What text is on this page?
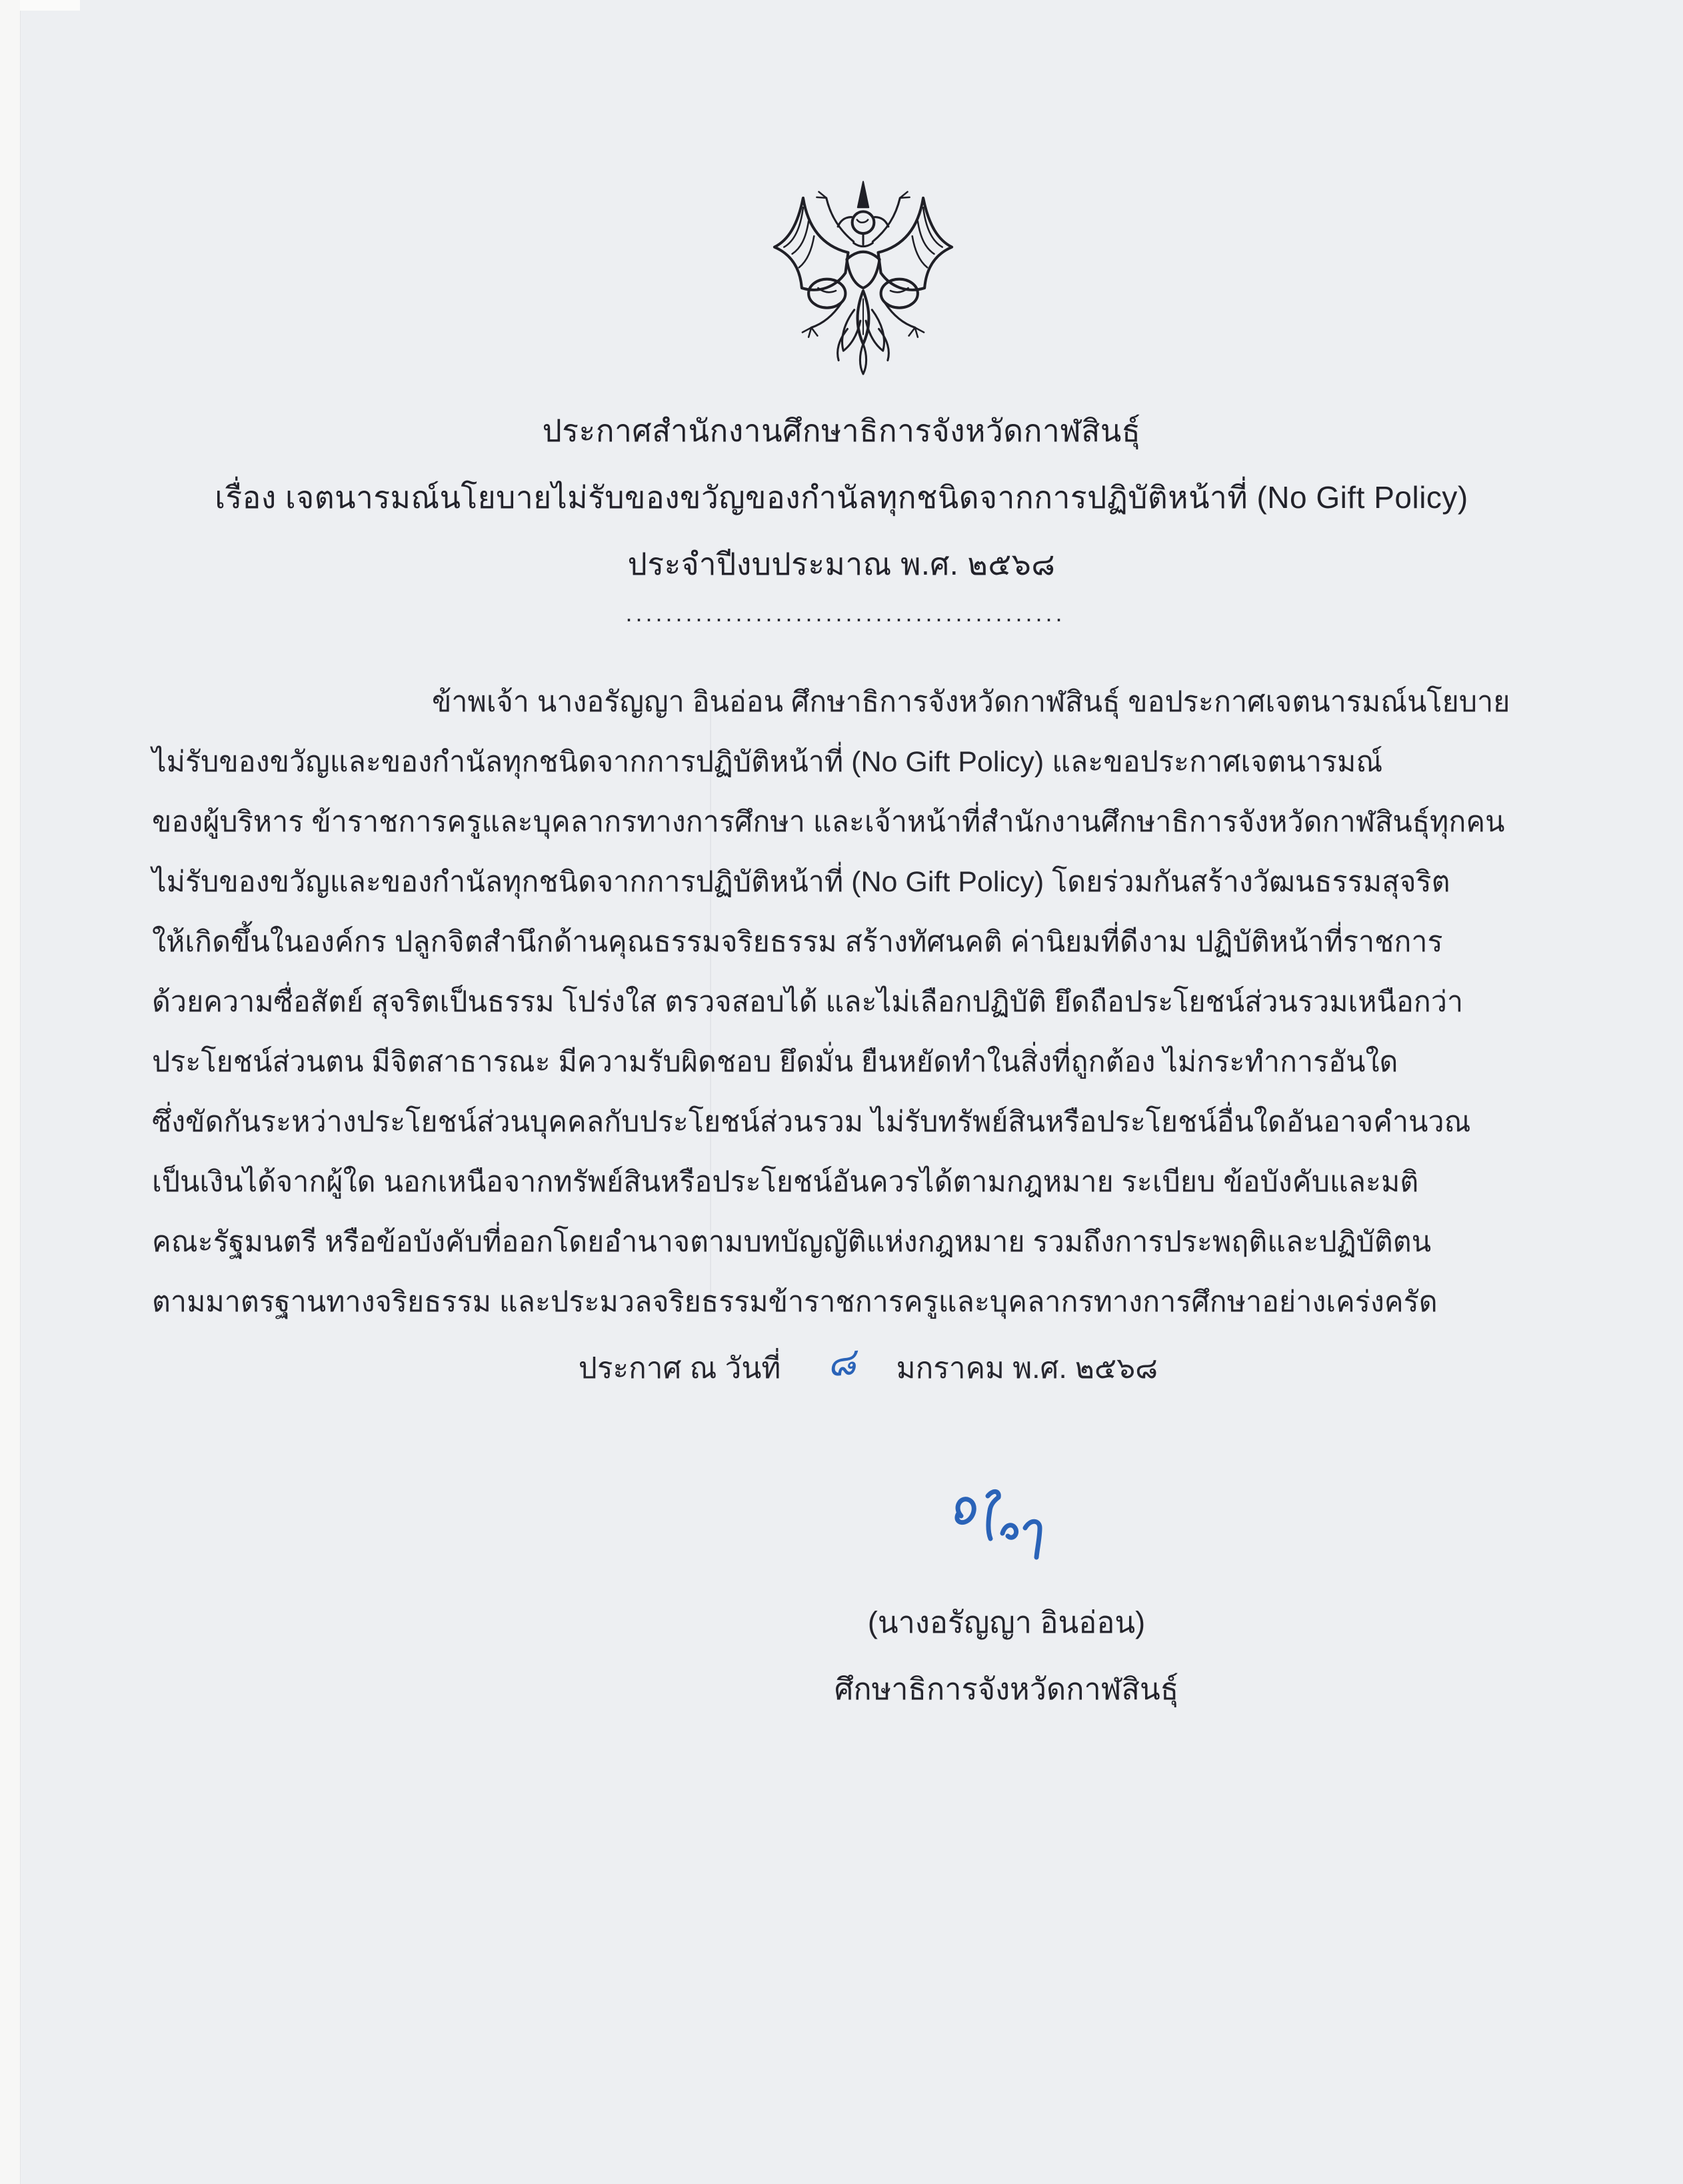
ประกาศสำนักงานศึกษาธิการจังหวัดกาฬสินธุ์
เรื่อง เจตนารมณ์นโยบายไม่รับของขวัญของกำนัลทุกชนิดจากการปฏิบัติหน้าที่ (No Gift Policy)
ประจำปีงบประมาณ พ.ศ. ๒๕๖๘
............................................
ข้าพเจ้า นางอรัญญา อินอ่อน ศึกษาธิการจังหวัดกาฬสินธุ์ ขอประกาศเจตนารมณ์นโยบาย
ไม่รับของขวัญและของกำนัลทุกชนิดจากการปฏิบัติหน้าที่ (No Gift Policy) และขอประกาศเจตนารมณ์
ของผู้บริหาร ข้าราชการครูและบุคลากรทางการศึกษา และเจ้าหน้าที่สำนักงานศึกษาธิการจังหวัดกาฬสินธุ์ทุกคน
ไม่รับของขวัญและของกำนัลทุกชนิดจากการปฏิบัติหน้าที่ (No Gift Policy) โดยร่วมกันสร้างวัฒนธรรมสุจริต
ให้เกิดขึ้นในองค์กร ปลูกจิตสำนึกด้านคุณธรรมจริยธรรม สร้างทัศนคติ ค่านิยมที่ดีงาม ปฏิบัติหน้าที่ราชการ
ด้วยความซื่อสัตย์ สุจริตเป็นธรรม โปร่งใส ตรวจสอบได้ และไม่เลือกปฏิบัติ ยึดถือประโยชน์ส่วนรวมเหนือกว่า
ประโยชน์ส่วนตน มีจิตสาธารณะ มีความรับผิดชอบ ยึดมั่น ยืนหยัดทำในสิ่งที่ถูกต้อง ไม่กระทำการอันใด
ซึ่งขัดกันระหว่างประโยชน์ส่วนบุคคลกับประโยชน์ส่วนรวม ไม่รับทรัพย์สินหรือประโยชน์อื่นใดอันอาจคำนวณ
เป็นเงินได้จากผู้ใด นอกเหนือจากทรัพย์สินหรือประโยชน์อันควรได้ตามกฎหมาย ระเบียบ ข้อบังคับและมติ
คณะรัฐมนตรี หรือข้อบังคับที่ออกโดยอำนาจตามบทบัญญัติแห่งกฎหมาย รวมถึงการประพฤติและปฏิบัติตน
ตามมาตรฐานทางจริยธรรม และประมวลจริยธรรมข้าราชการครูและบุคลากรทางการศึกษาอย่างเคร่งครัด
ประกาศ ณ วันที่ ๘ มกราคม พ.ศ. ๒๕๖๘
(นางอรัญญา อินอ่อน)
ศึกษาธิการจังหวัดกาฬสินธุ์
